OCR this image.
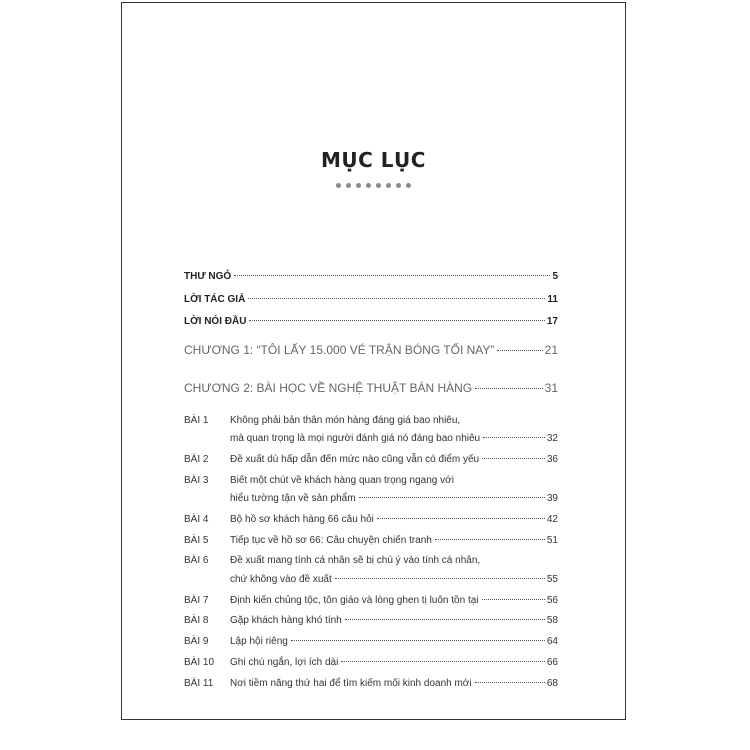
MỤC LỤC
THƯ NGỎ	5
LỜI TÁC GIẢ	11
LỜI NÓI ĐẦU	17
CHƯƠNG 1: “TÔI LẤY 15.000 VÉ TRẬN BÓNG TỐI NAY”	21
CHƯƠNG 2: BÀI HỌC VỀ NGHỆ THUẬT BÁN HÀNG	31
BÀI 1 Không phải bản thân món hàng đáng giá bao nhiêu,
mà quan trọng là mọi người đánh giá nó đáng bao nhiêu	32
BÀI 2 Đề xuất dù hấp dẫn đến mức nào cũng vẫn có điểm yếu	36
BÀI 3 Biết một chút về khách hàng quan trọng ngang với
hiểu tường tận về sản phẩm	39
BÀI 4 Bộ hồ sơ khách hàng 66 câu hỏi	42
BÀI 5 Tiếp tục về hồ sơ 66: Câu chuyện chiến tranh	51
BÀI 6 Đề xuất mang tính cá nhân sẽ bị chú ý vào tính cá nhân,
chứ không vào đề xuất	55
BÀI 7 Định kiến chủng tộc, tôn giáo và lòng ghen tị luôn tồn tại	56
BÀI 8 Gặp khách hàng khó tính	58
BÀI 9 Lập hội riêng	64
BÀI 10 Ghi chú ngắn, lợi ích dài	66
BÀI 11 Nơi tiềm năng thứ hai để tìm kiếm mối kinh doanh mới	68
